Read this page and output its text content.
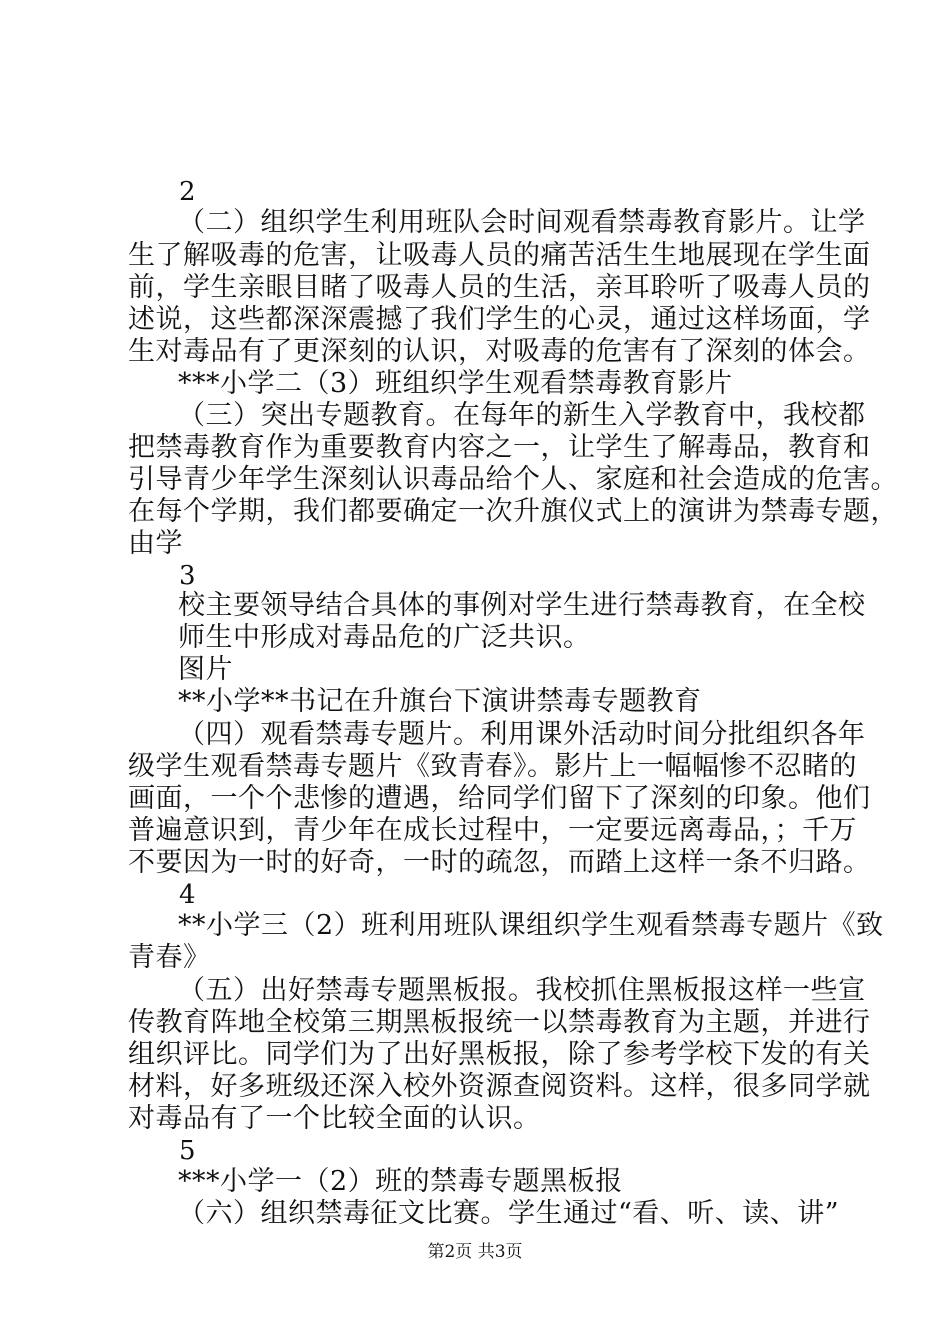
2
（二）组织学生利用班队会时间观看禁毒教育影片。让学
生了解吸毒的危害，让吸毒人员的痛苦活生生地展现在学生面
前，学生亲眼目睹了吸毒人员的生活，亲耳聆听了吸毒人员的
述说，这些都深深震撼了我们学生的心灵，通过这样场面，学
生对毒品有了更深刻的认识，对吸毒的危害有了深刻的体会。
***小学二（3）班组织学生观看禁毒教育影片
（三）突出专题教育。在每年的新生入学教育中，我校都
把禁毒教育作为重要教育内容之一，让学生了解毒品，教育和
引导青少年学生深刻认识毒品给个人、家庭和社会造成的危害。
在每个学期，我们都要确定一次升旗仪式上的演讲为禁毒专题，
由学
3
校主要领导结合具体的事例对学生进行禁毒教育，在全校
师生中形成对毒品危的广泛共识。
图片
**小学**书记在升旗台下演讲禁毒专题教育
（四）观看禁毒专题片。利用课外活动时间分批组织各年
级学生观看禁毒专题片《致青春》。影片上一幅幅惨不忍睹的
画面，一个个悲惨的遭遇，给同学们留下了深刻的印象。他们
普遍意识到，青少年在成长过程中，一定要远离毒品，；千万
不要因为一时的好奇，一时的疏忽，而踏上这样一条不归路。
4
**小学三（2）班利用班队课组织学生观看禁毒专题片《致
青春》
（五）出好禁毒专题黑板报。我校抓住黑板报这样一些宣
传教育阵地全校第三期黑板报统一以禁毒教育为主题，并进行
组织评比。同学们为了出好黑板报，除了参考学校下发的有关
材料，好多班级还深入校外资源查阅资料。这样，很多同学就
对毒品有了一个比较全面的认识。
5
***小学一（2）班的禁毒专题黑板报
（六）组织禁毒征文比赛。学生通过“看、听、读、讲”
第2页 共3页
